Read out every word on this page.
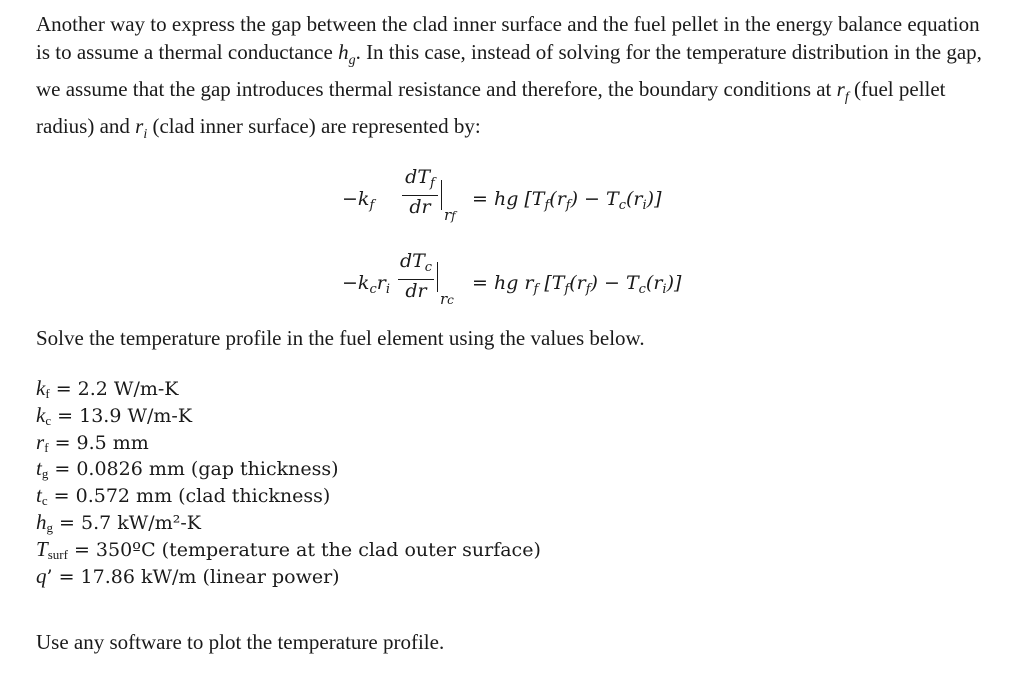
Another way to express the gap between the clad inner surface and the fuel pellet in the energy balance equation is to assume a thermal conductance $h_g$. In this case, instead of solving for the temperature distribution in the gap, we assume that the gap introduces thermal resistance and therefore, the boundary conditions at $r_f$ (fuel pellet radius) and $r_i$ (clad inner surface) are represented by:

$-k_f$
$dT_f$
dr rf
= hg $[T_f(r_f) - T_c(r_i)]$
$-k_cr_i$
$dT_c$
dr rc
= hg $r_f$ $[T_f(r_f) - T_c(r_i)]$

Solve the temperature profile in the fuel element using the values below.

$k_f = 2.2$ W/m-K
$k_c = 13.9$ W/m-K
$r_f = 9.5$ mm
$t_g = 0.0826$ mm (gap thickness)
$t_c = 0.572$ mm (clad thickness)
$h_g = 5.7$ kW/m²-K
$T_{surf}$ = 350ºC (temperature at the clad outer surface)
q’ = 17.86 kW/m (linear power)

Use any software to plot the temperature profile.
